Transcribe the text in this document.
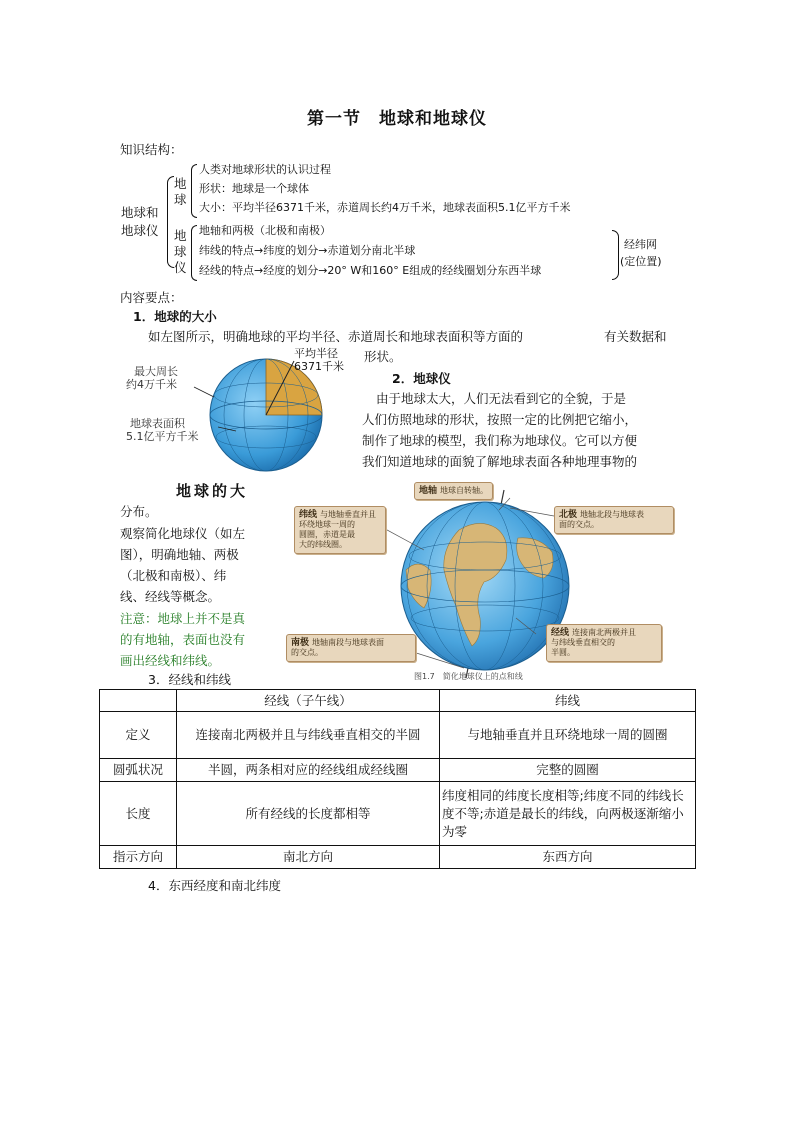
第一节　地球和地球仪
知识结构：
地球和
地球仪
地
球
人类对地球形状的认识过程
形状：地球是一个球体
大小：平均半径6371千米，赤道周长约4万千米，地球表面积5.1亿平方千米
地
球
仪
地轴和两极（北极和南极）
纬线的特点→纬度的划分→赤道划分南北半球
经线的特点→经度的划分→20° W和160° E组成的经线圈划分东西半球
经纬网
(定位置)
内容要点：
1．地球的大小
如左图所示，明确地球的平均半径、赤道周长和地球表面积等方面的	有关数据和
形状。
平均半径
6371千米
最大周长
约4万千米
地球表面积
5.1亿平方千米
地球的大
2．地球仪
由于地球太大，人们无法看到它的全貌，于是
人们仿照地球的形状，按照一定的比例把它缩小，
制作了地球的模型，我们称为地球仪。它可以方便
我们知道地球的面貌了解地球表面各种地理事物的
分布。
观察简化地球仪（如左
图），明确地轴、两极
（北极和南极）、纬
线、经线等概念。
注意：地球上并不是真
的有地轴，表面也没有
画出经线和纬线。
地轴 地球自转轴。
纬线 与地轴垂直并且
环绕地球一周的
圆圈，赤道是最
大的纬线圈。
北极 地轴北段与地球表
面的交点。
经线 连接南北两极并且
与纬线垂直相交的
半圆。
南极 地轴南段与地球表面
的交点。
图1.7　简化地球仪上的点和线
3．经线和纬线
	经线（子午线）	纬线
定义	连接南北两极并且与纬线垂直相交的半圆	与地轴垂直并且环绕地球一周的圆圈
圆弧状况	半圆，两条相对应的经线组成经线圈	完整的圆圈
长度	所有经线的长度都相等	纬度相同的纬度长度相等;纬度不同的纬线长度不等;赤道是最长的纬线，向两极逐渐缩小为零
指示方向	南北方向	东西方向
4．东西经度和南北纬度
